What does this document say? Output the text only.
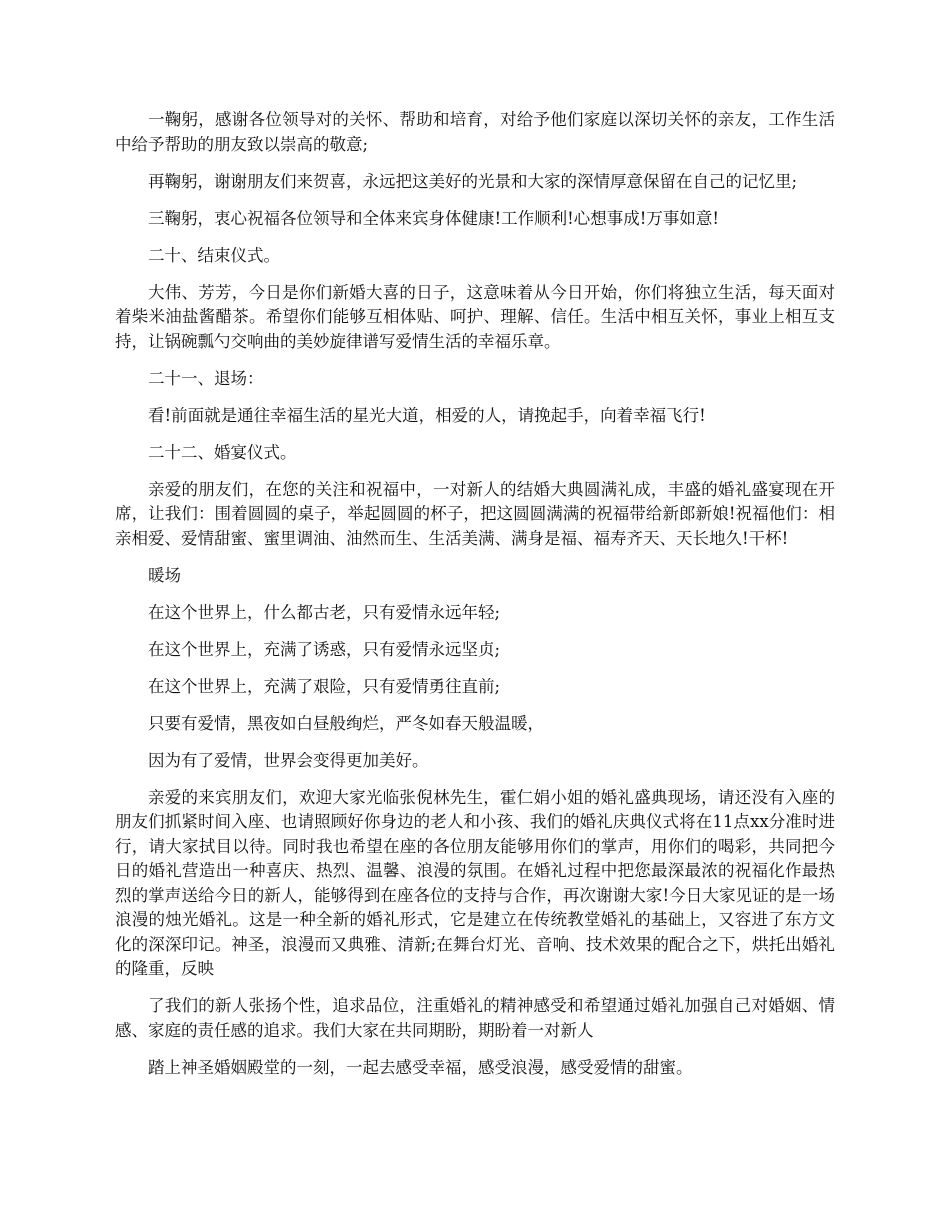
一鞠躬，感谢各位领导对的关怀、帮助和培育，对给予他们家庭以深切关怀的亲友，工作生活中给予帮助的朋友致以崇高的敬意;

再鞠躬，谢谢朋友们来贺喜，永远把这美好的光景和大家的深情厚意保留在自己的记忆里;

三鞠躬，衷心祝福各位领导和全体来宾身体健康!工作顺利!心想事成!万事如意!

二十、结束仪式。

大伟、芳芳，今日是你们新婚大喜的日子，这意味着从今日开始，你们将独立生活，每天面对着柴米油盐酱醋茶。希望你们能够互相体贴、呵护、理解、信任。生活中相互关怀，事业上相互支持，让锅碗瓢勺交响曲的美妙旋律谱写爱情生活的幸福乐章。

二十一、退场：

看!前面就是通往幸福生活的星光大道，相爱的人，请挽起手，向着幸福飞行!

二十二、婚宴仪式。

亲爱的朋友们，在您的关注和祝福中，一对新人的结婚大典圆满礼成，丰盛的婚礼盛宴现在开席，让我们：围着圆圆的桌子，举起圆圆的杯子，把这圆圆满满的祝福带给新郎新娘!祝福他们：相亲相爱、爱情甜蜜、蜜里调油、油然而生、生活美满、满身是福、福寿齐天、天长地久!干杯!

暖场

在这个世界上，什么都古老，只有爱情永远年轻;

在这个世界上，充满了诱惑，只有爱情永远坚贞;

在这个世界上，充满了艰险，只有爱情勇往直前;

只要有爱情，黑夜如白昼般绚烂，严冬如春天般温暖，

因为有了爱情，世界会变得更加美好。

亲爱的来宾朋友们，欢迎大家光临张倪林先生，霍仁娟小姐的婚礼盛典现场，请还没有入座的朋友们抓紧时间入座、也请照顾好你身边的老人和小孩、我们的婚礼庆典仪式将在11点xx分准时进行，请大家拭目以待。同时我也希望在座的各位朋友能够用你们的掌声，用你们的喝彩，共同把今日的婚礼营造出一种喜庆、热烈、温馨、浪漫的氛围。在婚礼过程中把您最深最浓的祝福化作最热烈的掌声送给今日的新人，能够得到在座各位的支持与合作，再次谢谢大家!今日大家见证的是一场浪漫的烛光婚礼。这是一种全新的婚礼形式，它是建立在传统教堂婚礼的基础上，又容进了东方文化的深深印记。神圣，浪漫而又典雅、清新;在舞台灯光、音响、技术效果的配合之下，烘托出婚礼的隆重，反映

了我们的新人张扬个性，追求品位，注重婚礼的精神感受和希望通过婚礼加强自己对婚姻、情感、家庭的责任感的追求。我们大家在共同期盼，期盼着一对新人

踏上神圣婚姻殿堂的一刻，一起去感受幸福，感受浪漫，感受爱情的甜蜜。
